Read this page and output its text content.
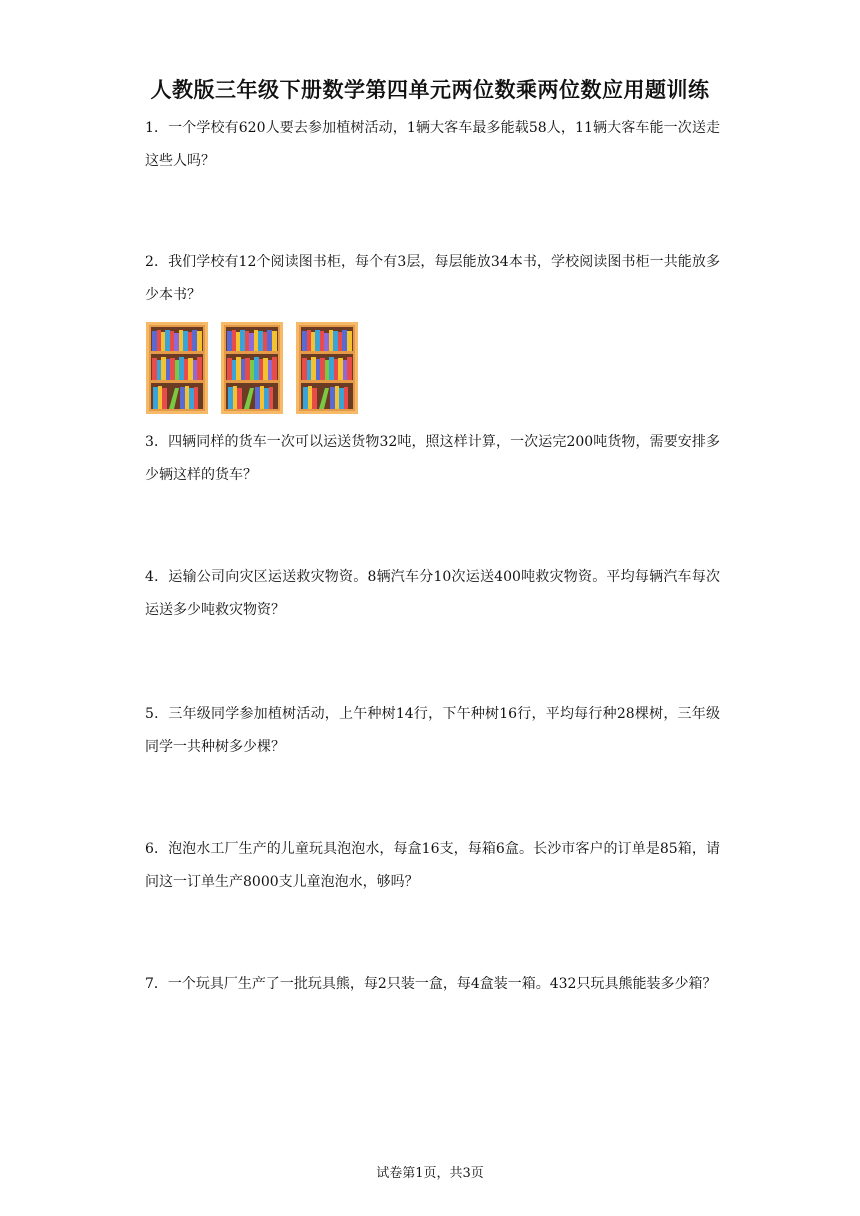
人教版三年级下册数学第四单元两位数乘两位数应用题训练
1．一个学校有620人要去参加植树活动，1辆大客车最多能载58人，11辆大客车能一次送走这些人吗？
2．我们学校有12个阅读图书柜，每个有3层，每层能放34本书，学校阅读图书柜一共能放多少本书？
3．四辆同样的货车一次可以运送货物32吨，照这样计算，一次运完200吨货物，需要安排多少辆这样的货车？
4．运输公司向灾区运送救灾物资。8辆汽车分10次运送400吨救灾物资。平均每辆汽车每次运送多少吨救灾物资？
5．三年级同学参加植树活动，上午种树14行，下午种树16行，平均每行种28棵树，三年级同学一共种树多少棵？
6．泡泡水工厂生产的儿童玩具泡泡水，每盒16支，每箱6盒。长沙市客户的订单是85箱，请问这一订单生产8000支儿童泡泡水，够吗？
7．一个玩具厂生产了一批玩具熊，每2只装一盒，每4盒装一箱。432只玩具熊能装多少箱？
试卷第1页，共3页
